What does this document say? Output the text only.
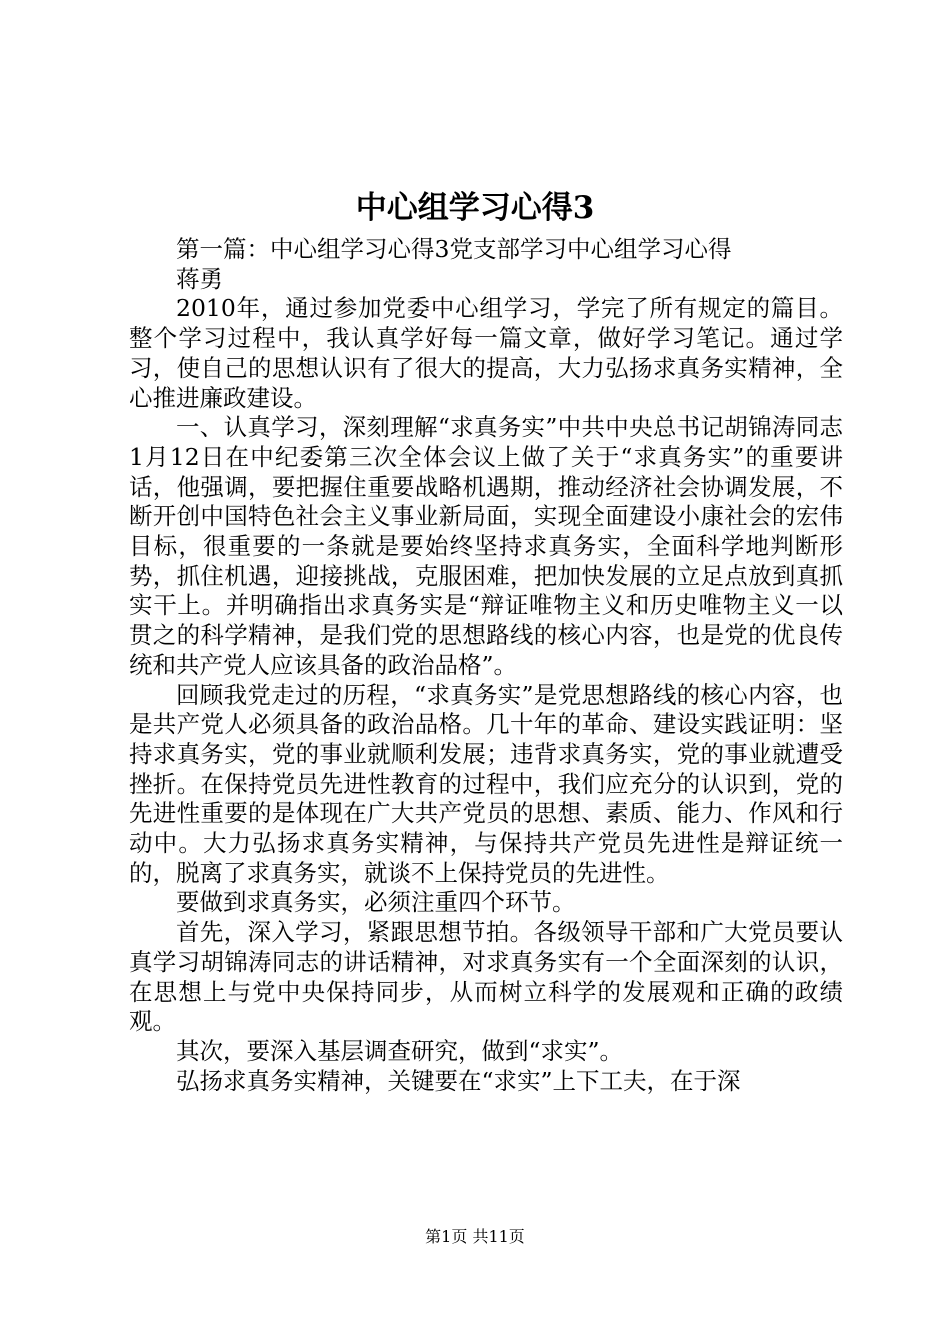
中心组学习心得3

第一篇：中心组学习心得3党支部学习中心组学习心得

蒋勇

2010年，通过参加党委中心组学习，学完了所有规定的篇目。整个学习过程中，我认真学好每一篇文章，做好学习笔记。通过学习，使自己的思想认识有了很大的提高，大力弘扬求真务实精神，全心推进廉政建设。

一、认真学习，深刻理解“求真务实”中共中央总书记胡锦涛同志1月12日在中纪委第三次全体会议上做了关于“求真务实”的重要讲话，他强调，要把握住重要战略机遇期，推动经济社会协调发展，不断开创中国特色社会主义事业新局面，实现全面建设小康社会的宏伟目标，很重要的一条就是要始终坚持求真务实，全面科学地判断形势，抓住机遇，迎接挑战，克服困难，把加快发展的立足点放到真抓实干上。并明确指出求真务实是“辩证唯物主义和历史唯物主义一以贯之的科学精神，是我们党的思想路线的核心内容，也是党的优良传统和共产党人应该具备的政治品格”。

回顾我党走过的历程，“求真务实”是党思想路线的核心内容，也是共产党人必须具备的政治品格。几十年的革命、建设实践证明：坚持求真务实，党的事业就顺利发展；违背求真务实，党的事业就遭受挫折。在保持党员先进性教育的过程中，我们应充分的认识到，党的先进性重要的是体现在广大共产党员的思想、素质、能力、作风和行动中。大力弘扬求真务实精神，与保持共产党员先进性是辩证统一的，脱离了求真务实，就谈不上保持党员的先进性。

要做到求真务实，必须注重四个环节。

首先，深入学习，紧跟思想节拍。各级领导干部和广大党员要认真学习胡锦涛同志的讲话精神，对求真务实有一个全面深刻的认识，在思想上与党中央保持同步，从而树立科学的发展观和正确的政绩观。

其次，要深入基层调查研究，做到“求实”。

弘扬求真务实精神，关键要在“求实”上下工夫，在于深

第1页 共11页
